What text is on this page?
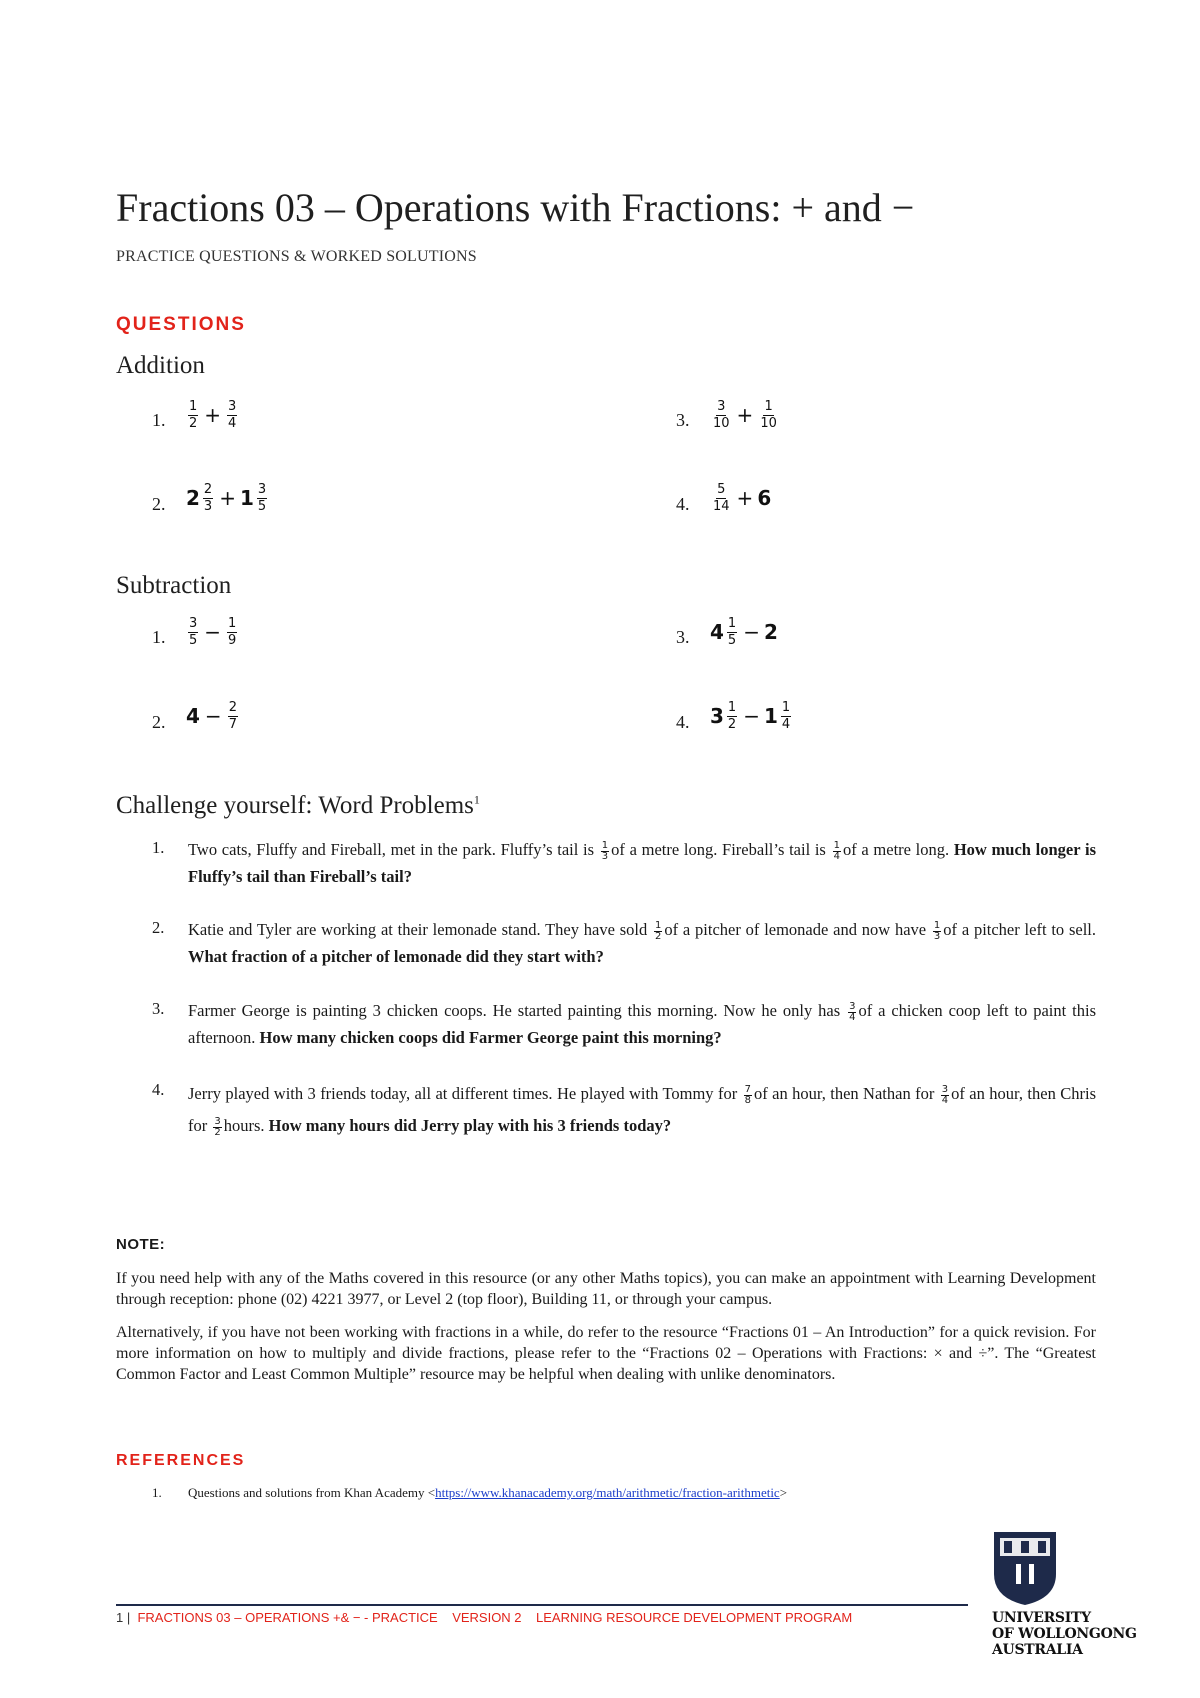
Fractions 03 – Operations with Fractions: + and −
PRACTICE QUESTIONS & WORKED SOLUTIONS
QUESTIONS
Addition
1.
1
$2 + \frac{3}{4}$
2. 2 2
3 + 1 3
5
3.
3
$10 + \frac{1}{10}$
4.
5
14 + 6
Subtraction
1.
3
$5 - \frac{1}{9}$
2. $4 - \frac{2}{7}$
3. 4 1
5 − 2
4. 3 1
2 − 1 1
4
Challenge yourself: Word Problems$^1$
1. Two cats, Fluffy and Fireball, met in the park. Fluffy’s tail is $\frac{1}{3}$ of a metre long. Fireball’s tail is $\frac{1}{4}$ of a metre long. How much longer is Fluffy’s tail than Fireball’s tail?
2. Katie and Tyler are working at their lemonade stand. They have sold $\frac{1}{2}$ of a pitcher of lemonade and now have $\frac{1}{3}$ of a pitcher left to sell. What fraction of a pitcher of lemonade did they start with?
3. Farmer George is painting 3 chicken coops. He started painting this morning. Now he only has $\frac{3}{4}$ of a chicken coop left to paint this afternoon. How many chicken coops did Farmer George paint this morning?
4. Jerry played with 3 friends today, all at different times. He played with Tommy for $\frac{7}{8}$ of an hour, then Nathan for $\frac{3}{4}$ of an hour, then Chris for $\frac{3}{2}$ hours. How many hours did Jerry play with his 3 friends today?
NOTE:
If you need help with any of the Maths covered in this resource (or any other Maths topics), you can make an appointment with Learning Development through reception: phone (02) 4221 3977, or Level 2 (top floor), Building 11, or through your campus.
Alternatively, if you have not been working with fractions in a while, do refer to the resource “Fractions 01 – An Introduction” for a quick revision. For more information on how to multiply and divide fractions, please refer to the “Fractions 02 – Operations with Fractions: × and ÷”. The “Greatest Common Factor and Least Common Multiple” resource may be helpful when dealing with unlike denominators.
REFERENCES
1. Questions and solutions from Khan Academy <https://www.khanacademy.org/math/arithmetic/fraction-arithmetic>
UNIVERSITY
OF WOLLONGONG
AUSTRALIA
1 | FRACTIONS 03 – OPERATIONS +& − - PRACTICE VERSION 2 LEARNING RESOURCE DEVELOPMENT PROGRAM
